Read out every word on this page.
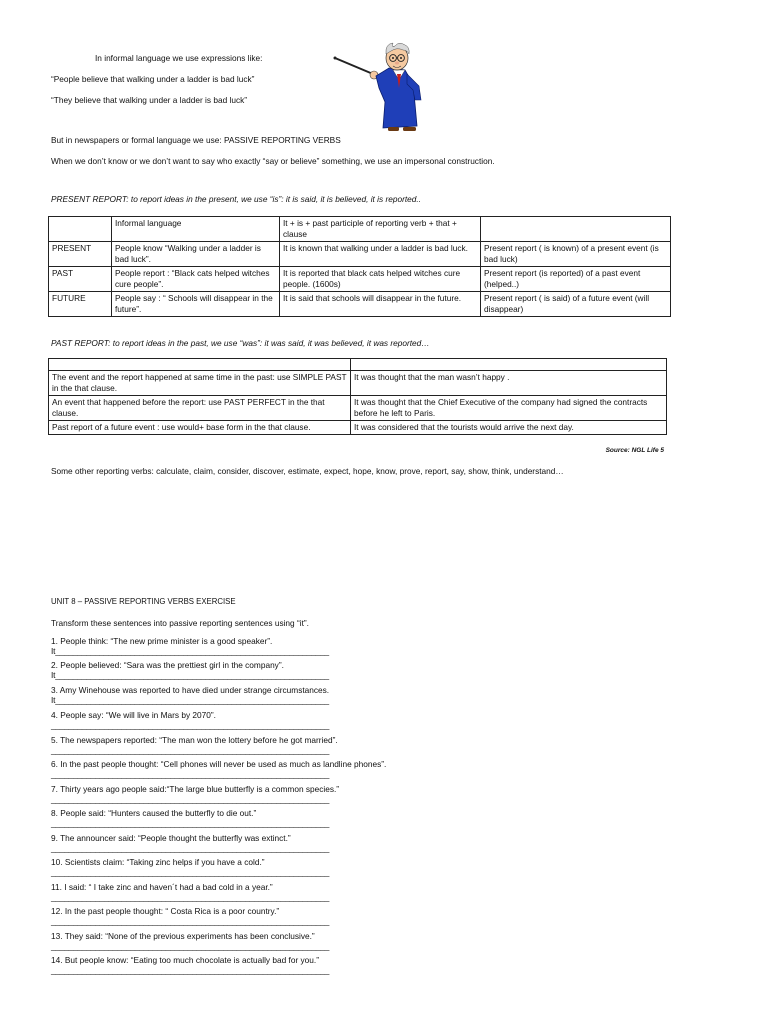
In informal language we use expressions like:
“People believe that walking under a ladder is bad luck”
“They believe that walking under a ladder is bad luck”
But in newspapers or formal language we use: PASSIVE REPORTING VERBS
When we don’t know or we don’t want to say who exactly “say or believe” something, we use an impersonal construction.
PRESENT REPORT: to report ideas in the present, we use “is”: it is said, it is believed, it is reported..
	Informal language	It + is + past participle of reporting verb + that + clause	
PRESENT	People know “Walking under a ladder is bad luck”.	It is known that walking under a ladder is bad luck.	Present report ( is known) of a present event (is bad luck)
PAST	People report : “Black cats helped witches cure people”.	It is reported that black cats helped witches cure people. (1600s)	Present report (is reported) of a past event (helped..)
FUTURE	People say : “ Schools will disappear in the future”.	It is said that schools will disappear in the future.	Present report ( is said) of a future event (will disappear)
PAST REPORT: to report ideas in the past, we use “was”: it was said, it was believed, it was reported…

The event and the report happened at same time in the past: use SIMPLE PAST in the that clause.	It was thought that the man wasn’t happy .
An event that happened before the report: use PAST PERFECT in the that clause.	It was thought that the Chief Executive of the company had signed the contracts before he left to Paris.
Past report of a future event : use would+ base form in the that clause.	It was considered that the tourists would arrive the next day.
Source: NGL Life 5
Some other reporting verbs: calculate, claim, consider, discover, estimate, expect, hope, know, prove, report, say, show, think, understand…
UNIT 8 – PASSIVE REPORTING VERBS EXERCISE
Transform these sentences into passive reporting sentences using “it”.
1. People think: “The new prime minister is a good speaker”.
It______________________________________________________________
2. People believed: “Sara was the prettiest girl in the company”.
It______________________________________________________________
3. Amy Winehouse was reported to have died under strange circumstances.
It______________________________________________________________
4. People say: “We will live in Mars by 2070”.
_______________________________________________________________
5. The newspapers reported: “The man won the lottery before he got married”.
_______________________________________________________________
6. In the past people thought: “Cell phones will never be used as much as landline phones”.
_______________________________________________________________
7. Thirty years ago people said:“The large blue butterfly is a common species.”
_______________________________________________________________
8. People said: “Hunters caused the butterfly to die out.”
_______________________________________________________________
9. The announcer said: “People thought the butterfly was extinct.”
_______________________________________________________________
10. Scientists claim: “Taking zinc helps if you have a cold.”
_______________________________________________________________
11. I said: “ I take zinc and haven´t had a bad cold in a year.”
_______________________________________________________________
12. In the past people thought: “ Costa Rica is a poor country.”
_______________________________________________________________
13. They said: “None of the previous experiments has been conclusive.”
_______________________________________________________________
14. But people know: “Eating too much chocolate is actually bad for you.”
_______________________________________________________________
